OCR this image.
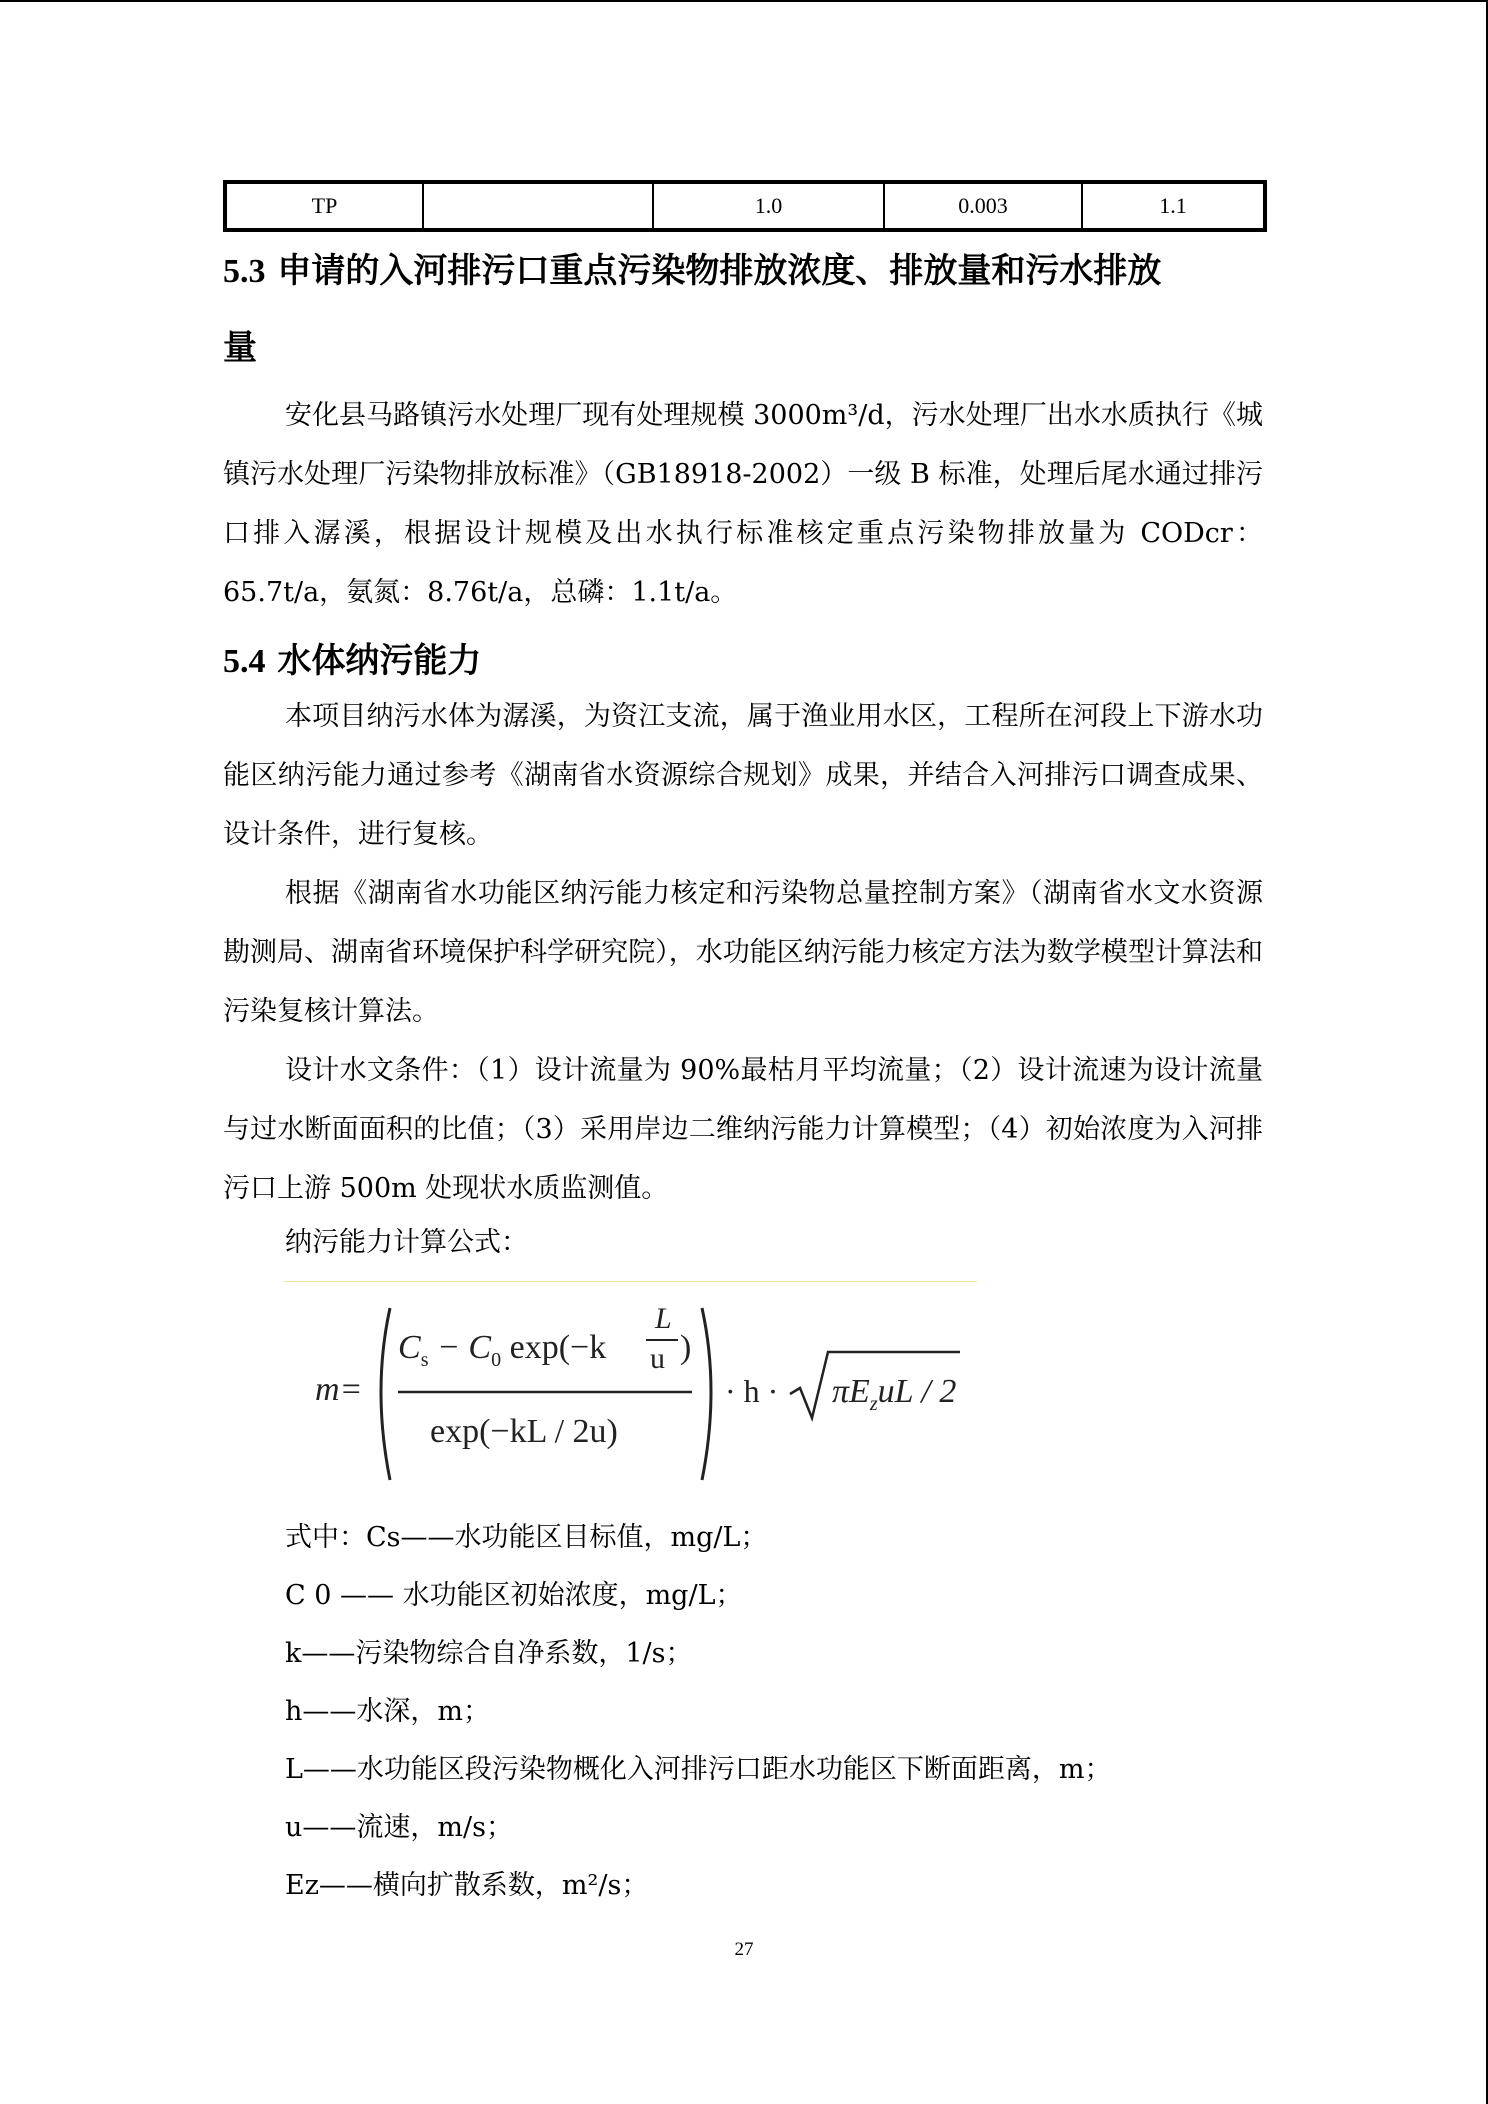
TP		1.0	0.003	1.1
5.3 申请的入河排污口重点污染物排放浓度、排放量和污水排放
量

安化县马路镇污水处理厂现有处理规模 3000m³/d，污水处理厂出水水质执行《城镇污水处理厂污染物排放标准》（GB18918-2002）一级 B 标准，处理后尾水通过排污口排入潺溪，根据设计规模及出水执行标准核定重点污染物排放量为 CODcr：65.7t/a，氨氮：8.76t/a，总磷：1.1t/a。

5.4 水体纳污能力

本项目纳污水体为潺溪，为资江支流，属于渔业用水区，工程所在河段上下游水功能区纳污能力通过参考《湖南省水资源综合规划》成果，并结合入河排污口调查成果、设计条件，进行复核。

根据《湖南省水功能区纳污能力核定和污染物总量控制方案》（湖南省水文水资源勘测局、湖南省环境保护科学研究院），水功能区纳污能力核定方法为数学模型计算法和污染复核计算法。

设计水文条件：（1）设计流量为 90%最枯月平均流量；（2）设计流速为设计流量与过水断面面积的比值；（3）采用岸边二维纳污能力计算模型；（4）初始浓度为入河排污口上游 500m 处现状水质监测值。

纳污能力计算公式：

m=
$C_s - C_0$ exp(−k
L
u )
exp(−kL / 2u)
· $h \cdot \pi E_zuL / 2$

式中：Cs——水功能区目标值，mg/L；

C 0 —— 水功能区初始浓度，mg/L；

k——污染物综合自净系数，1/s；

h——水深，m；

L——水功能区段污染物概化入河排污口距水功能区下断面距离，m；

u——流速，m/s；

Ez——横向扩散系数，m²/s；

27
